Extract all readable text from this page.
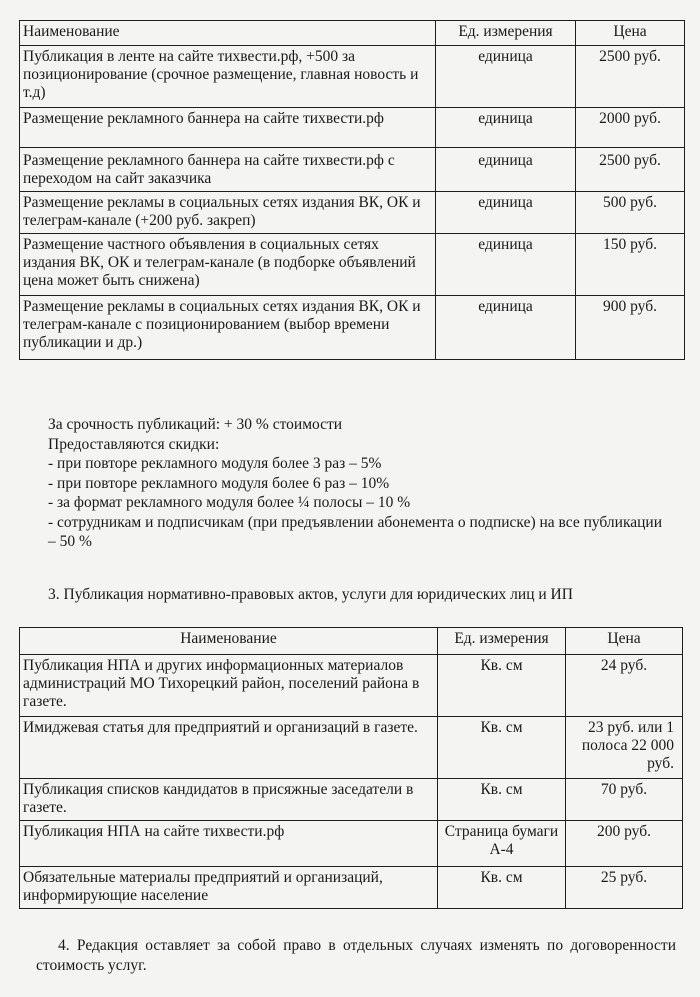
Наименование	Ед. измерения	Цена
Публикация в ленте на сайте тихвести.рф, +500 за позиционирование (срочное размещение, главная новость и т.д)	единица	2500 руб.
Размещение рекламного баннера на сайте тихвести.рф	единица	2000 руб.
Размещение рекламного баннера на сайте тихвести.рф с переходом на сайт заказчика	единица	2500 руб.
Размещение рекламы в социальных сетях издания ВК, ОК и телеграм-канале (+200 руб. закреп)	единица	500 руб.
Размещение частного объявления в социальных сетях издания ВК, ОК и телеграм-канале (в подборке объявлений цена может быть снижена)	единица	150 руб.
Размещение рекламы в социальных сетях издания ВК, ОК и телеграм-канале с позиционированием (выбор времени публикации и др.)	единица	900 руб.
За срочность публикаций: + 30 % стоимости
Предоставляются скидки:
- при повторе рекламного модуля более 3 раз – 5%
- при повторе рекламного модуля более 6 раз – 10%
- за формат рекламного модуля более ¼ полосы – 10 %
- сотрудникам и подписчикам (при предъявлении абонемента о подписке) на все публикации – 50 %
3. Публикация нормативно-правовых актов, услуги для юридических лиц и ИП
Наименование	Ед. измерения	Цена
Публикация НПА и других информационных материалов администраций МО Тихорецкий район, поселений района в газете.	Кв. см	24 руб.
Имиджевая статья для предприятий и организаций в газете.	Кв. см	23 руб. или 1 полоса 22 000 руб.
Публикация списков кандидатов в присяжные заседатели в газете.	Кв. см	70 руб.
Публикация НПА на сайте тихвести.рф	Страница бумаги А-4	200 руб.
Обязательные материалы предприятий и организаций, информирующие население	Кв. см	25 руб.
4. Редакция оставляет за собой право в отдельных случаях изменять по договоренности стоимость услуг.
